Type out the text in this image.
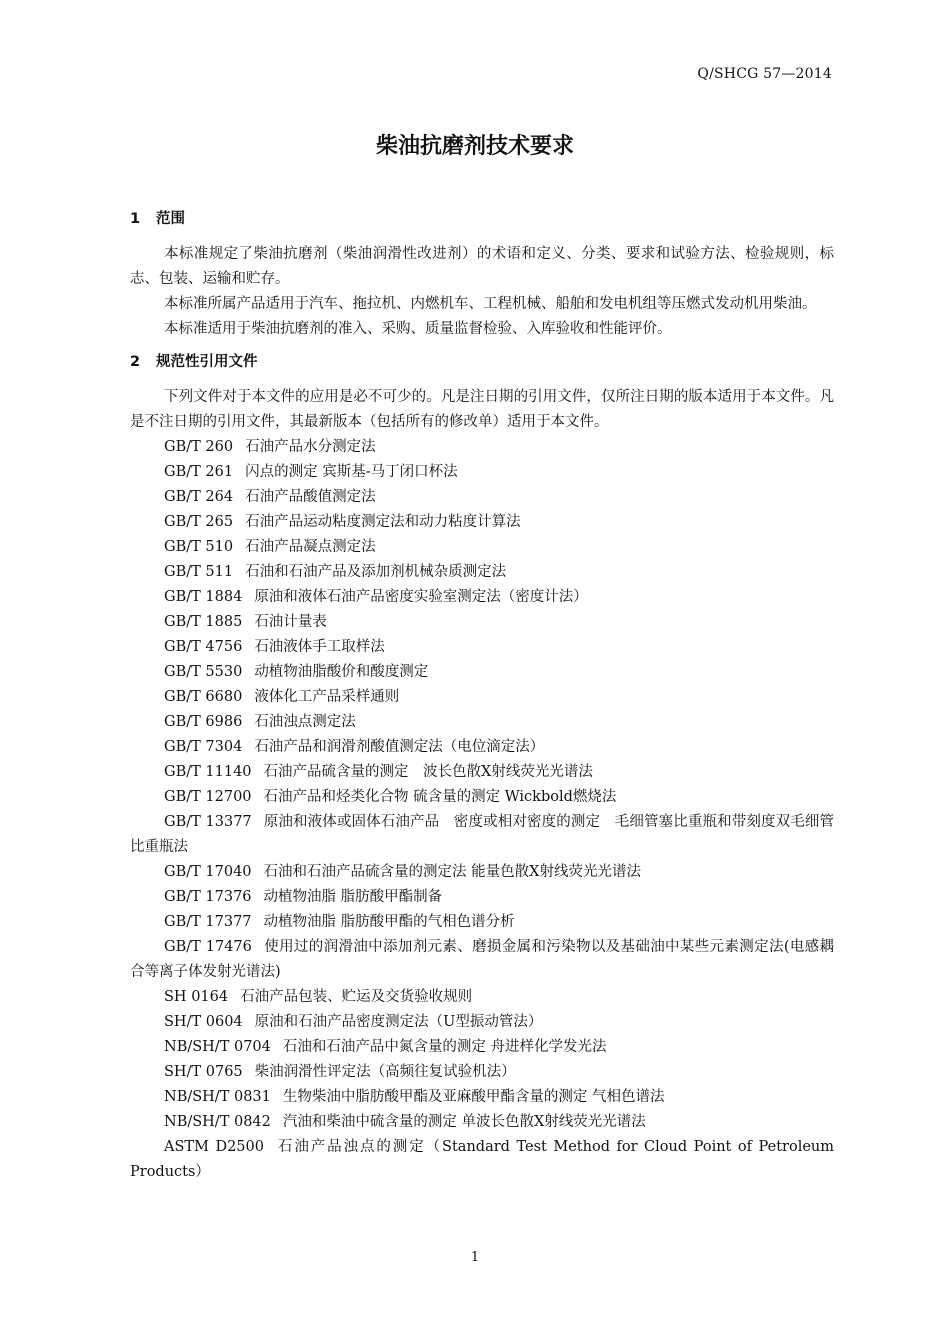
Q/SHCG 57—2014
柴油抗磨剂技术要求
1 范围

本标准规定了柴油抗磨剂（柴油润滑性改进剂）的术语和定义、分类、要求和试验方法、检验规则，标志、包装、运输和贮存。

本标准所属产品适用于汽车、拖拉机、内燃机车、工程机械、船舶和发电机组等压燃式发动机用柴油。

本标准适用于柴油抗磨剂的准入、采购、质量监督检验、入库验收和性能评价。

2 规范性引用文件

下列文件对于本文件的应用是必不可少的。凡是注日期的引用文件，仅所注日期的版本适用于本文件。凡是不注日期的引用文件，其最新版本（包括所有的修改单）适用于本文件。

GB/T 260 石油产品水分测定法

GB/T 261 闪点的测定 宾斯基-马丁闭口杯法

GB/T 264 石油产品酸值测定法

GB/T 265 石油产品运动粘度测定法和动力粘度计算法

GB/T 510 石油产品凝点测定法

GB/T 511 石油和石油产品及添加剂机械杂质测定法

GB/T 1884 原油和液体石油产品密度实验室测定法（密度计法）

GB/T 1885 石油计量表

GB/T 4756 石油液体手工取样法

GB/T 5530 动植物油脂酸价和酸度测定

GB/T 6680 液体化工产品采样通则

GB/T 6986 石油浊点测定法

GB/T 7304 石油产品和润滑剂酸值测定法（电位滴定法）

GB/T 11140 石油产品硫含量的测定　波长色散X射线荧光光谱法

GB/T 12700 石油产品和烃类化合物 硫含量的测定 Wickbold燃烧法

GB/T 13377 原油和液体或固体石油产品　密度或相对密度的测定　毛细管塞比重瓶和带刻度双毛细管比重瓶法

GB/T 17040 石油和石油产品硫含量的测定法 能量色散X射线荧光光谱法

GB/T 17376 动植物油脂 脂肪酸甲酯制备

GB/T 17377 动植物油脂 脂肪酸甲酯的气相色谱分析

GB/T 17476 使用过的润滑油中添加剂元素、磨损金属和污染物以及基础油中某些元素测定法(电感耦合等离子体发射光谱法)

SH 0164 石油产品包装、贮运及交货验收规则

SH/T 0604 原油和石油产品密度测定法（U型振动管法）

NB/SH/T 0704 石油和石油产品中氮含量的测定 舟进样化学发光法

SH/T 0765 柴油润滑性评定法（高频往复试验机法）

NB/SH/T 0831 生物柴油中脂肪酸甲酯及亚麻酸甲酯含量的测定 气相色谱法

NB/SH/T 0842 汽油和柴油中硫含量的测定 单波长色散X射线荧光光谱法

ASTM D2500 石油产品浊点的测定（Standard Test Method for Cloud Point of Petroleum Products）

1
